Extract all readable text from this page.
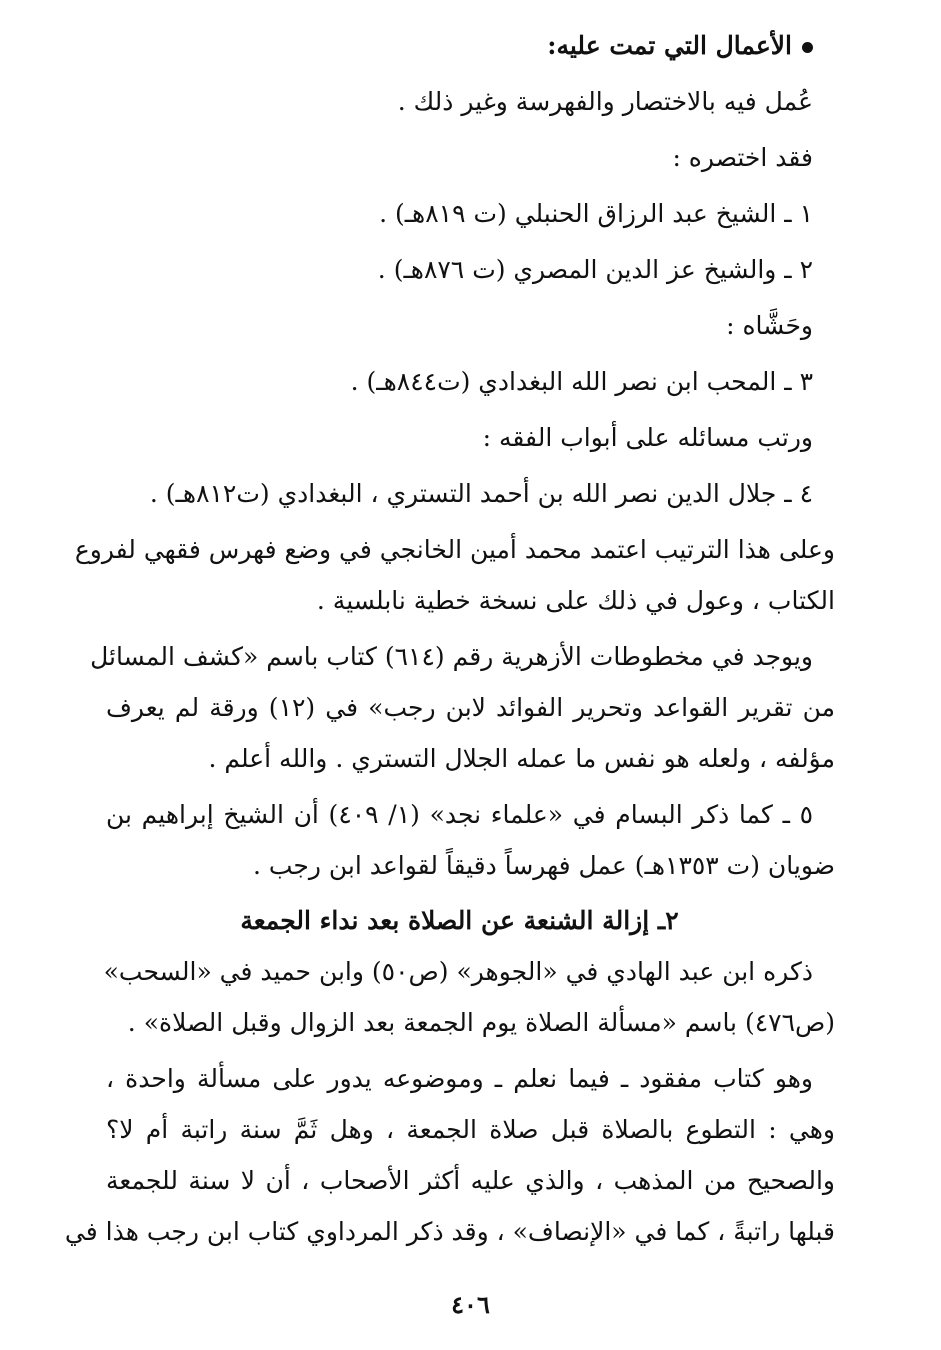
الأعمال التي تمت عليه:
عُمل فيه بالاختصار والفهرسة وغير ذلك .
فقد اختصره :
١ ـ الشيخ عبد الرزاق الحنبلي (ت ٨١٩هـ) .
٢ ـ والشيخ عز الدين المصري (ت ٨٧٦هـ) .
وحَشَّاه :
٣ ـ المحب ابن نصر الله البغدادي (ت٨٤٤هـ) .
ورتب مسائله على أبواب الفقه :
٤ ـ جلال الدين نصر الله بن أحمد التستري ، البغدادي (ت٨١٢هـ) .
وعلى هذا الترتيب اعتمد محمد أمين الخانجي في وضع فهرس فقهي لفروع
الكتاب ، وعول في ذلك على نسخة خطية نابلسية .
ويوجد في مخطوطات الأزهرية رقم (٦١٤) كتاب باسم «كشف المسائل
من تقرير القواعد وتحرير الفوائد لابن رجب» في (١٢) ورقة لم يعرف
مؤلفه ، ولعله هو نفس ما عمله الجلال التستري . والله أعلم .
٥ ـ كما ذكر البسام في «علماء نجد» (١/ ٤٠٩) أن الشيخ إبراهيم بن
ضويان (ت ١٣٥٣هـ) عمل فهرساً دقيقاً لقواعد ابن رجب .
٢ـ إزالة الشنعة عن الصلاة بعد نداء الجمعة
ذكره ابن عبد الهادي في «الجوهر» (ص٥٠) وابن حميد في «السحب»
(ص٤٧٦) باسم «مسألة الصلاة يوم الجمعة بعد الزوال وقبل الصلاة» .
وهو كتاب مفقود ـ فيما نعلم ـ وموضوعه يدور على مسألة واحدة ،
وهي : التطوع بالصلاة قبل صلاة الجمعة ، وهل ثَمَّ سنة راتبة أم لا؟
والصحيح من المذهب ، والذي عليه أكثر الأصحاب ، أن لا سنة للجمعة
قبلها راتبةً ، كما في «الإنصاف» ، وقد ذكر المرداوي كتاب ابن رجب هذا في
٤٠٦
